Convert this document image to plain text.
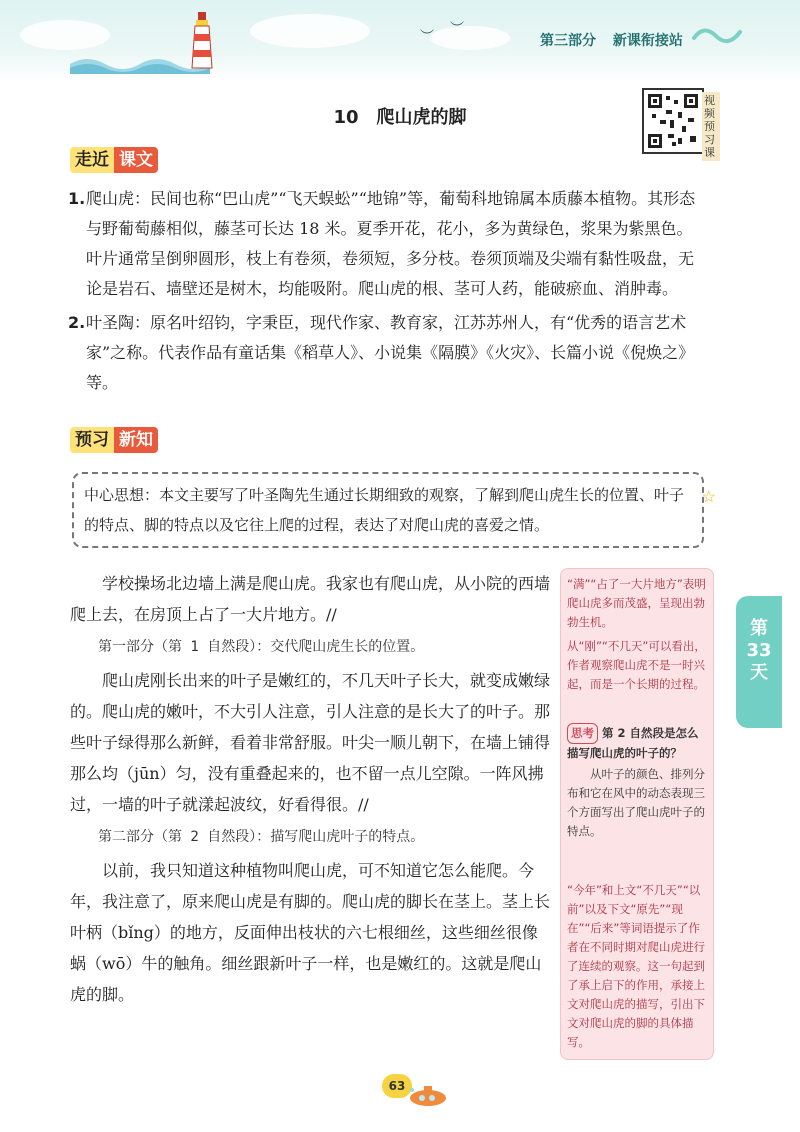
︶ ︶
第三部分 新课衔接站
10　爬山虎的脚
视
频
预
习
课
走近 课文
1. 爬山虎：民间也称“巴山虎”“飞天蜈蚣”“地锦”等，葡萄科地锦属本质藤本植物。其形态与野葡萄藤相似，藤茎可长达 18 米。夏季开花，花小，多为黄绿色，浆果为紫黑色。叶片通常呈倒卵圆形，枝上有卷须，卷须短，多分枝。卷须顶端及尖端有黏性吸盘，无论是岩石、墙壁还是树木，均能吸附。爬山虎的根、茎可人药，能破瘀血、消肿毒。
2. 叶圣陶：原名叶绍钧，字秉臣，现代作家、教育家，江苏苏州人，有“优秀的语言艺术家”之称。代表作品有童话集《稻草人》、小说集《隔膜》《火灾》、长篇小说《倪焕之》等。
预习 新知
中心思想：本文主要写了叶圣陶先生通过长期细致的观察，了解到爬山虎生长的位置、叶子的特点、脚的特点以及它往上爬的过程，表达了对爬山虎的喜爱之情。
☆

学校操场北边墙上满是爬山虎。我家也有爬山虎，从小院的西墙爬上去，在房顶上占了一大片地方。//

第一部分（第 1 自然段）：交代爬山虎生长的位置。

爬山虎刚长出来的叶子是嫩红的，不几天叶子长大，就变成嫩绿的。爬山虎的嫩叶，不大引人注意，引人注意的是长大了的叶子。那些叶子绿得那么新鲜，看着非常舒服。叶尖一顺儿朝下，在墙上铺得那么均（jūn）匀，没有重叠起来的，也不留一点儿空隙。一阵风拂过，一墙的叶子就漾起波纹，好看得很。//

第二部分（第 2 自然段）：描写爬山虎叶子的特点。

以前，我只知道这种植物叫爬山虎，可不知道它怎么能爬。今年，我注意了，原来爬山虎是有脚的。爬山虎的脚长在茎上。茎上长叶柄（bǐng）的地方，反面伸出枝状的六七根细丝，这些细丝很像蜗（wō）牛的触角。细丝跟新叶子一样，也是嫩红的。这就是爬山虎的脚。

“满”“占了一大片地方”表明爬山虎多而茂盛，呈现出勃勃生机。
从“刚”“不几天”可以看出，作者观察爬山虎不是一时兴起，而是一个长期的过程。
思考 第 2 自然段是怎么描写爬山虎的叶子的？
从叶子的颜色、排列分布和它在风中的动态表现三个方面写出了爬山虎叶子的特点。
“今年”和上文“不几天”“以前”以及下文“原先”“现在”“后来”等词语提示了作者在不同时期对爬山虎进行了连续的观察。这一句起到了承上启下的作用，承接上文对爬山虎的描写，引出下文对爬山虎的脚的具体描写。
第
33
天
63
